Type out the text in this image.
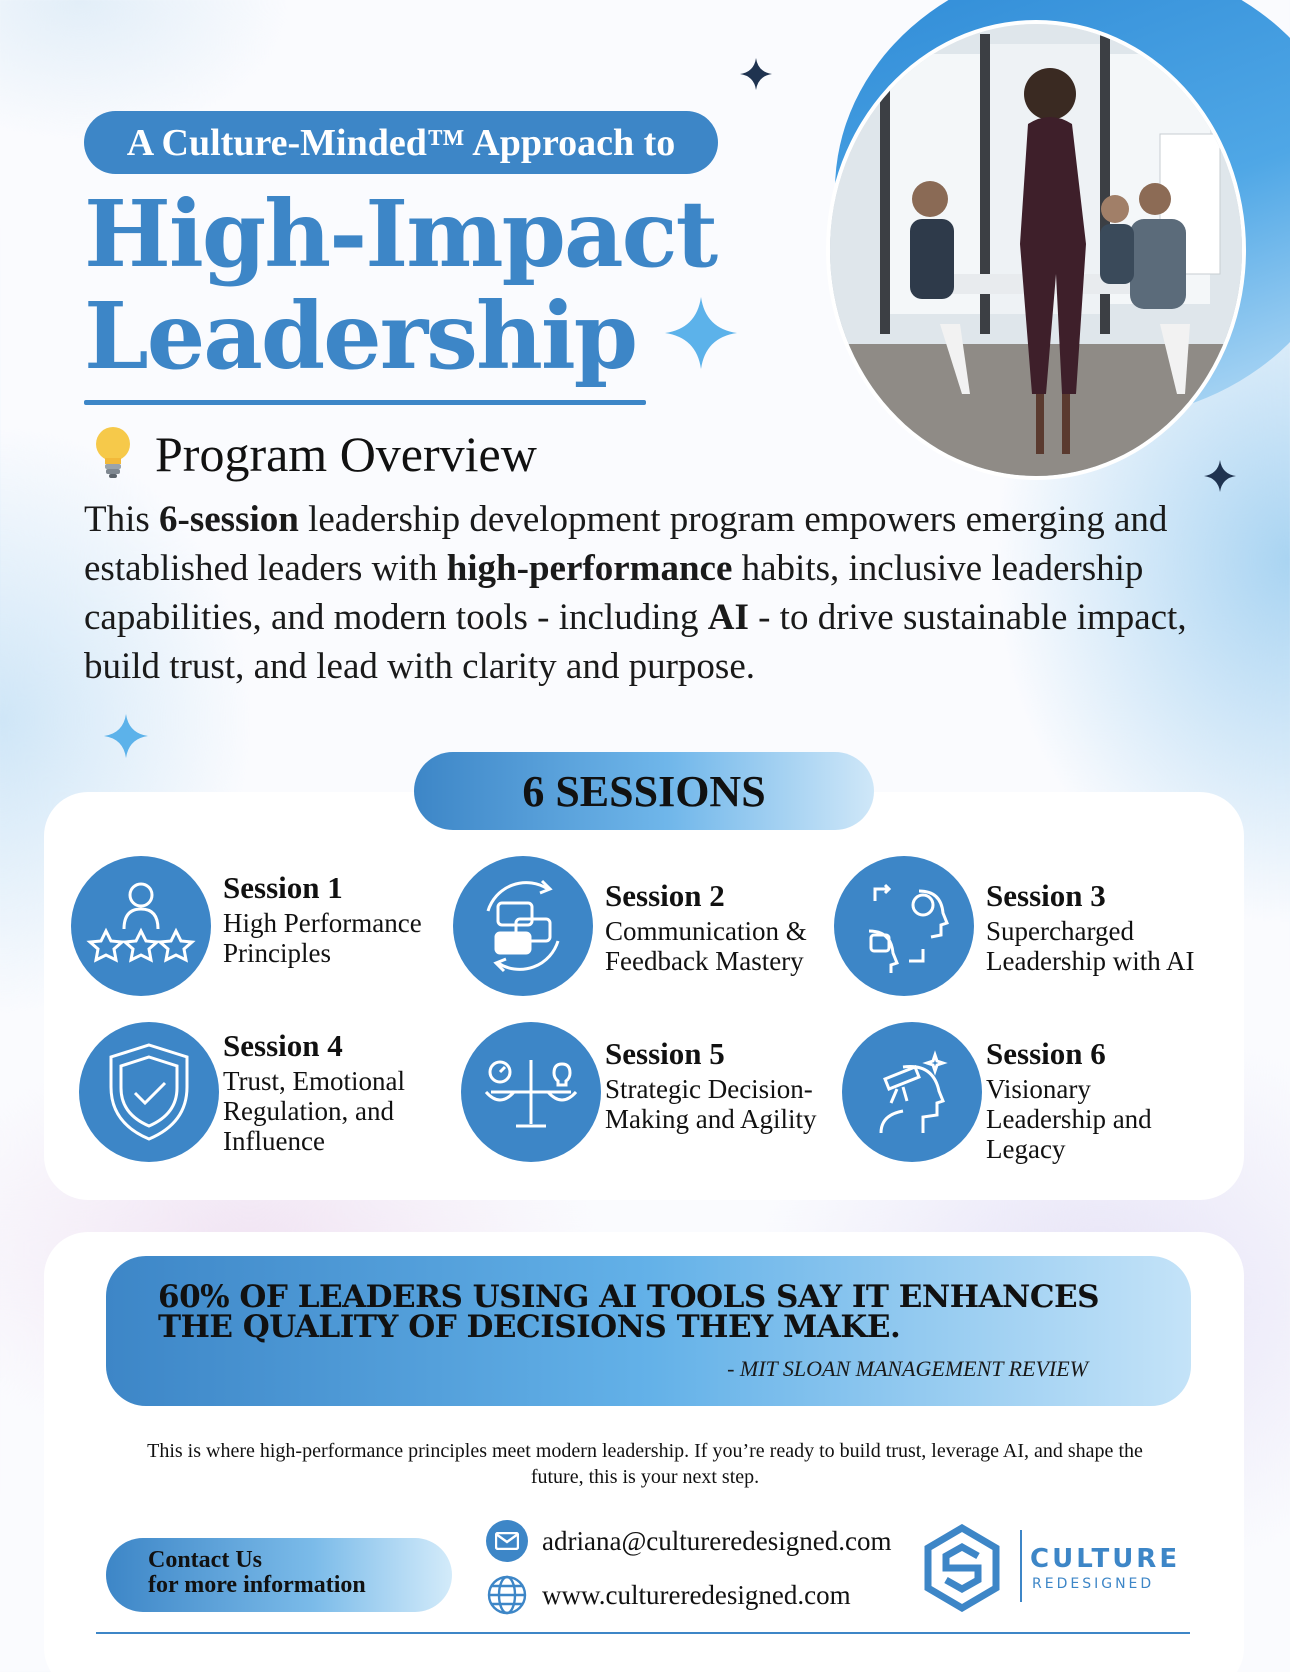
A Culture-Minded™ Approach to
High-Impact
Leadership
Program Overview
This 6-session leadership development program empowers emerging and established leaders with high-performance habits, inclusive leadership capabilities, and modern tools - including AI - to drive sustainable impact, build trust, and lead with clarity and purpose.
6 SESSIONS
Session 1
High Performance Principles
Session 2
Communication & Feedback Mastery
Session 3
Supercharged Leadership with AI
Session 4
Trust, Emotional Regulation, and Influence
Session 5
Strategic Decision-Making and Agility
Session 6
Visionary Leadership and Legacy
60% OF LEADERS USING AI TOOLS SAY IT ENHANCES THE QUALITY OF DECISIONS THEY MAKE.
- MIT SLOAN MANAGEMENT REVIEW
This is where high-performance principles meet modern leadership. If you’re ready to build trust, leverage AI, and shape the future, this is your next step.
Contact Us
for more information
adriana@cultureredesigned.com
www.cultureredesigned.com
CULTURE
REDESIGNED
